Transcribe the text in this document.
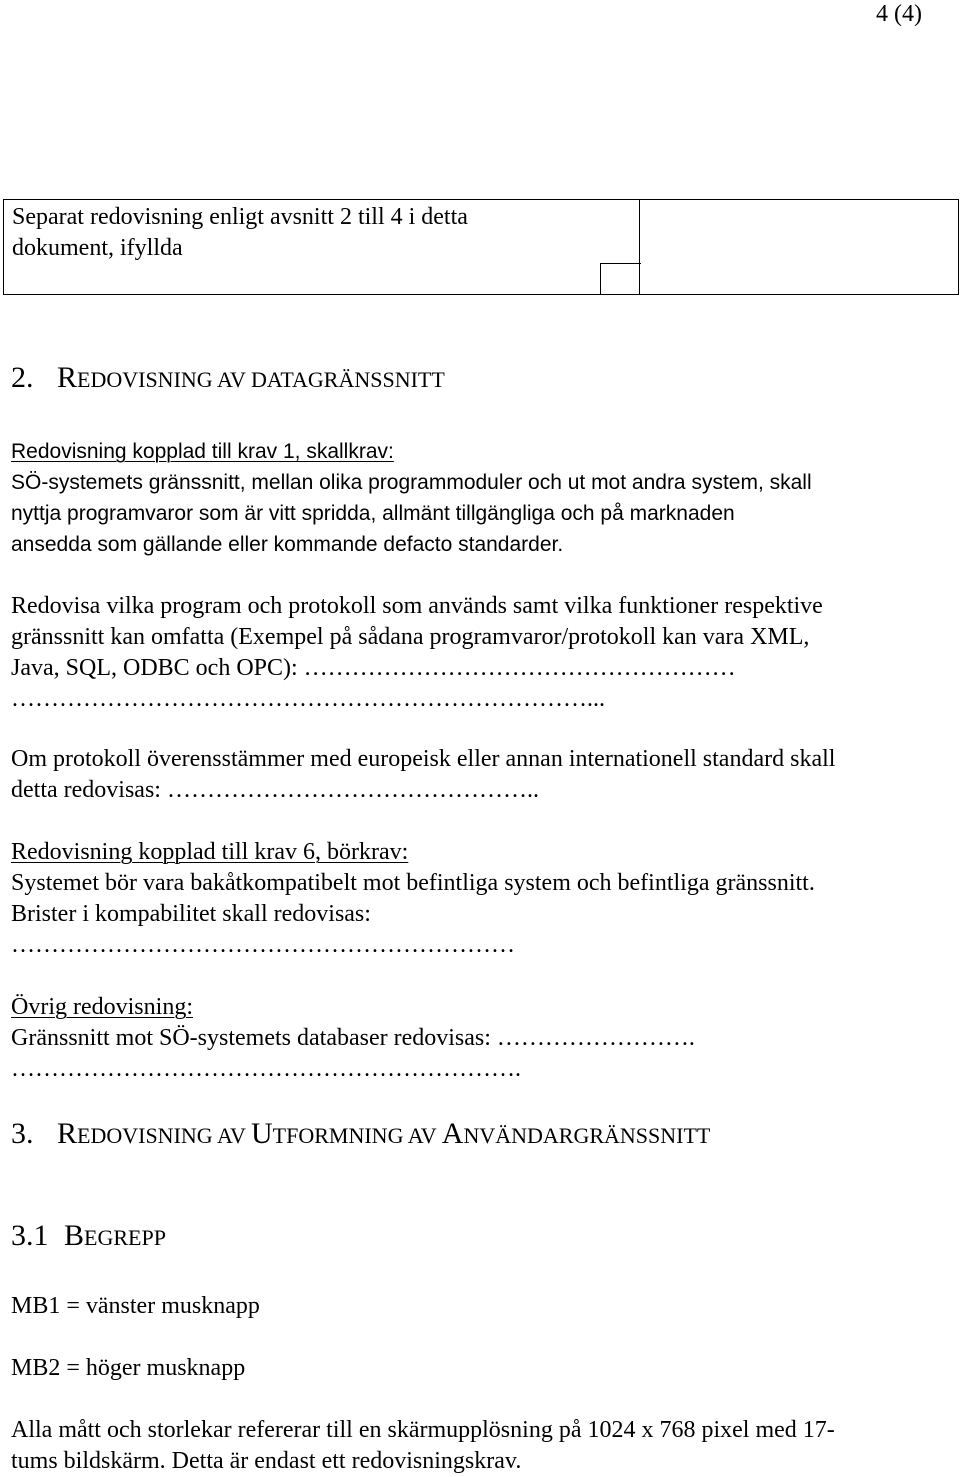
4 (4)
Separat redovisning enligt avsnitt 2 till 4 i detta
dokument, ifyllda
2. REDOVISNING AV DATAGRÄNSSNITT
Redovisning kopplad till krav 1, skallkrav:
SÖ-systemets gränssnitt, mellan olika programmoduler och ut mot andra system, skall
nyttja programvaror som är vitt spridda, allmänt tillgängliga och på marknaden
ansedda som gällande eller kommande defacto standarder.
Redovisa vilka program och protokoll som används samt vilka funktioner respektive
gränssnitt kan omfatta (Exempel på sådana programvaror/protokoll kan vara XML,
Java, SQL, ODBC och OPC): ………………………………………………
………………………………………………………………...
Om protokoll överensstämmer med europeisk eller annan internationell standard skall
detta redovisas: ………………………………………..
Redovisning kopplad till krav 6, börkrav:
Systemet bör vara bakåtkompatibelt mot befintliga system och befintliga gränssnitt.
Brister i kompabilitet skall redovisas:
………………………………………………………
Övrig redovisning:
Gränssnitt mot SÖ-systemets databaser redovisas: …………………….
……………………………………………………….
3. REDOVISNING AV UTFORMNING AV ANVÄNDARGRÄNSSNITT
3.1 BEGREPP
MB1 = vänster musknapp
MB2 = höger musknapp
Alla mått och storlekar refererar till en skärmupplösning på 1024 x 768 pixel med 17-
tums bildskärm. Detta är endast ett redovisningskrav.
